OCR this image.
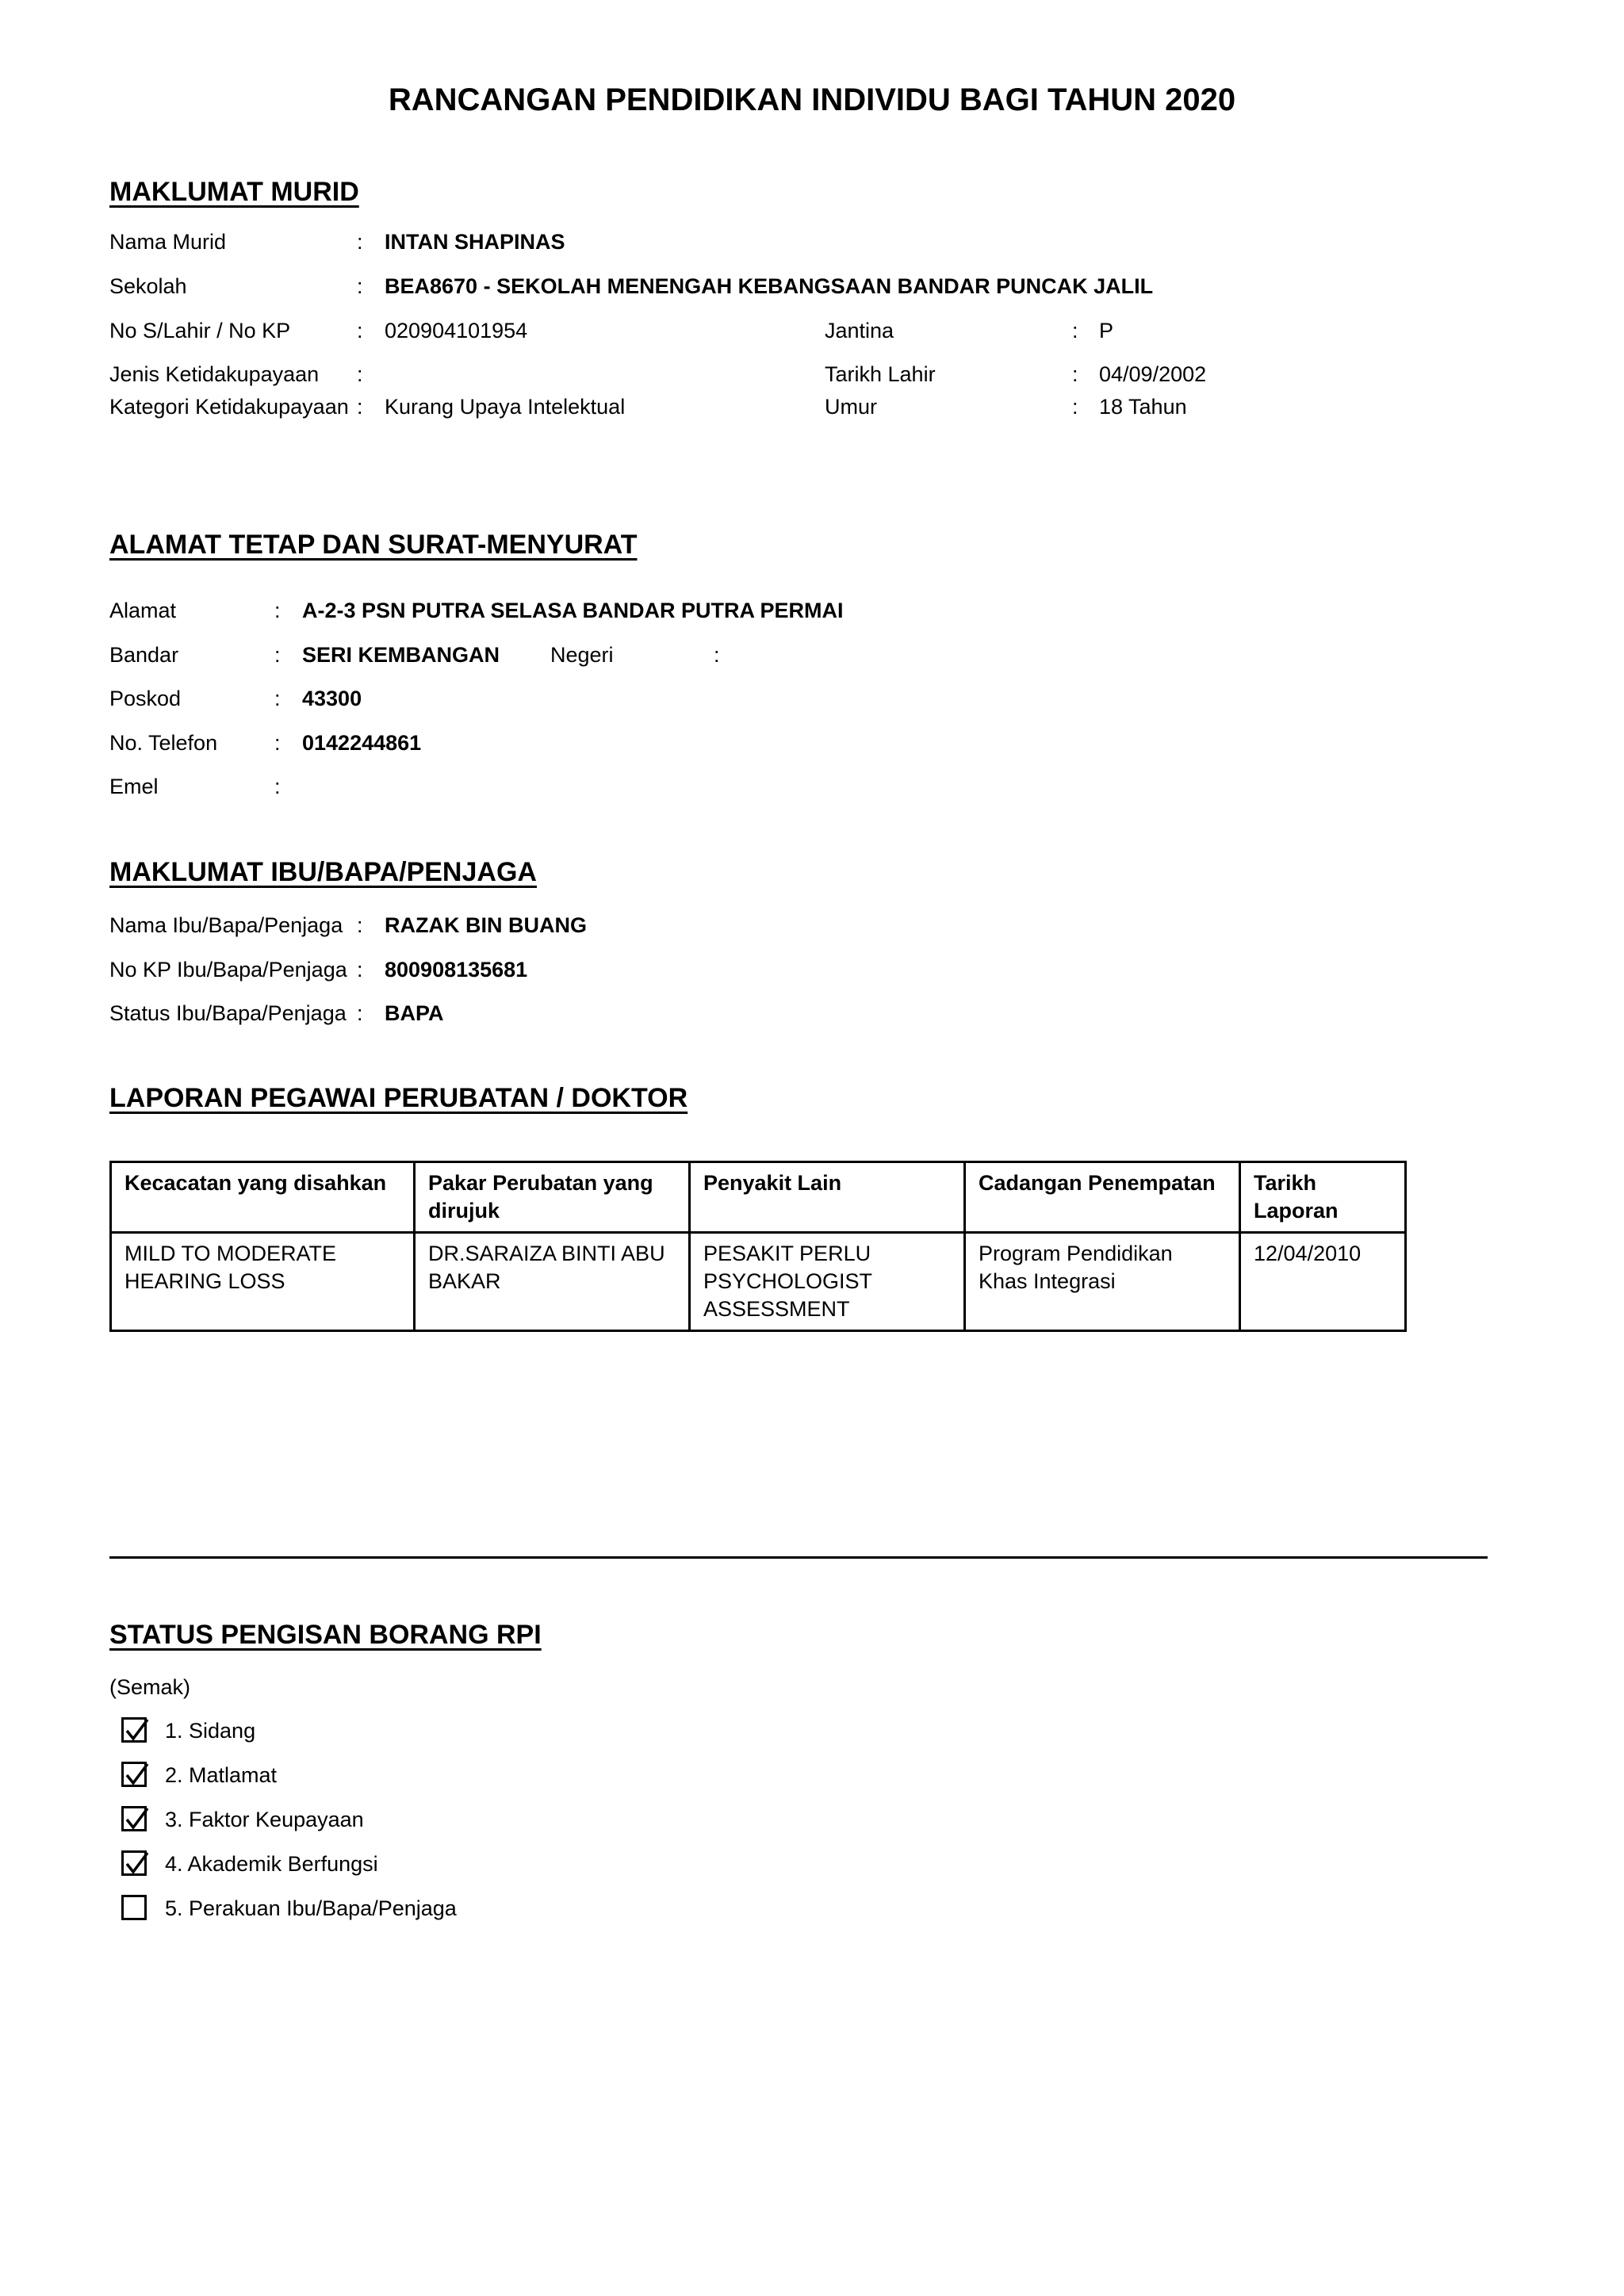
RANCANGAN PENDIDIKAN INDIVIDU BAGI TAHUN 2020
MAKLUMAT MURID
Nama Murid	: INTAN SHAPINAS
Sekolah	: BEA8670 - SEKOLAH MENENGAH KEBANGSAAN BANDAR PUNCAK JALIL
No S/Lahir / No KP	: 020904101954	Jantina	: P
Jenis Ketidakupayaan :	Tarikh Lahir	: 04/09/2002
Kategori Ketidakupayaan : Kurang Upaya Intelektual	Umur	: 18 Tahun
ALAMAT TETAP DAN SURAT-MENYURAT
Alamat	: A-2-3 PSN PUTRA SELASA BANDAR PUTRA PERMAI
Bandar	: SERI KEMBANGAN Negeri	:
Poskod	: 43300
No. Telefon	: 0142244861
Emel	:
MAKLUMAT IBU/BAPA/PENJAGA
Nama Ibu/Bapa/Penjaga : RAZAK BIN BUANG
No KP Ibu/Bapa/Penjaga : 800908135681
Status Ibu/Bapa/Penjaga : BAPA
LAPORAN PEGAWAI PERUBATAN / DOKTOR
Kecacatan yang disahkan	Pakar Perubatan yang dirujuk	Penyakit Lain	Cadangan Penempatan	Tarikh Laporan
MILD TO MODERATE HEARING LOSS	DR.SARAIZA BINTI ABU BAKAR	PESAKIT PERLU PSYCHOLOGIST ASSESSMENT	Program Pendidikan Khas Integrasi	12/04/2010
STATUS PENGISAN BORANG RPI
(Semak)
1. Sidang
2. Matlamat
3. Faktor Keupayaan
4. Akademik Berfungsi
5. Perakuan Ibu/Bapa/Penjaga
